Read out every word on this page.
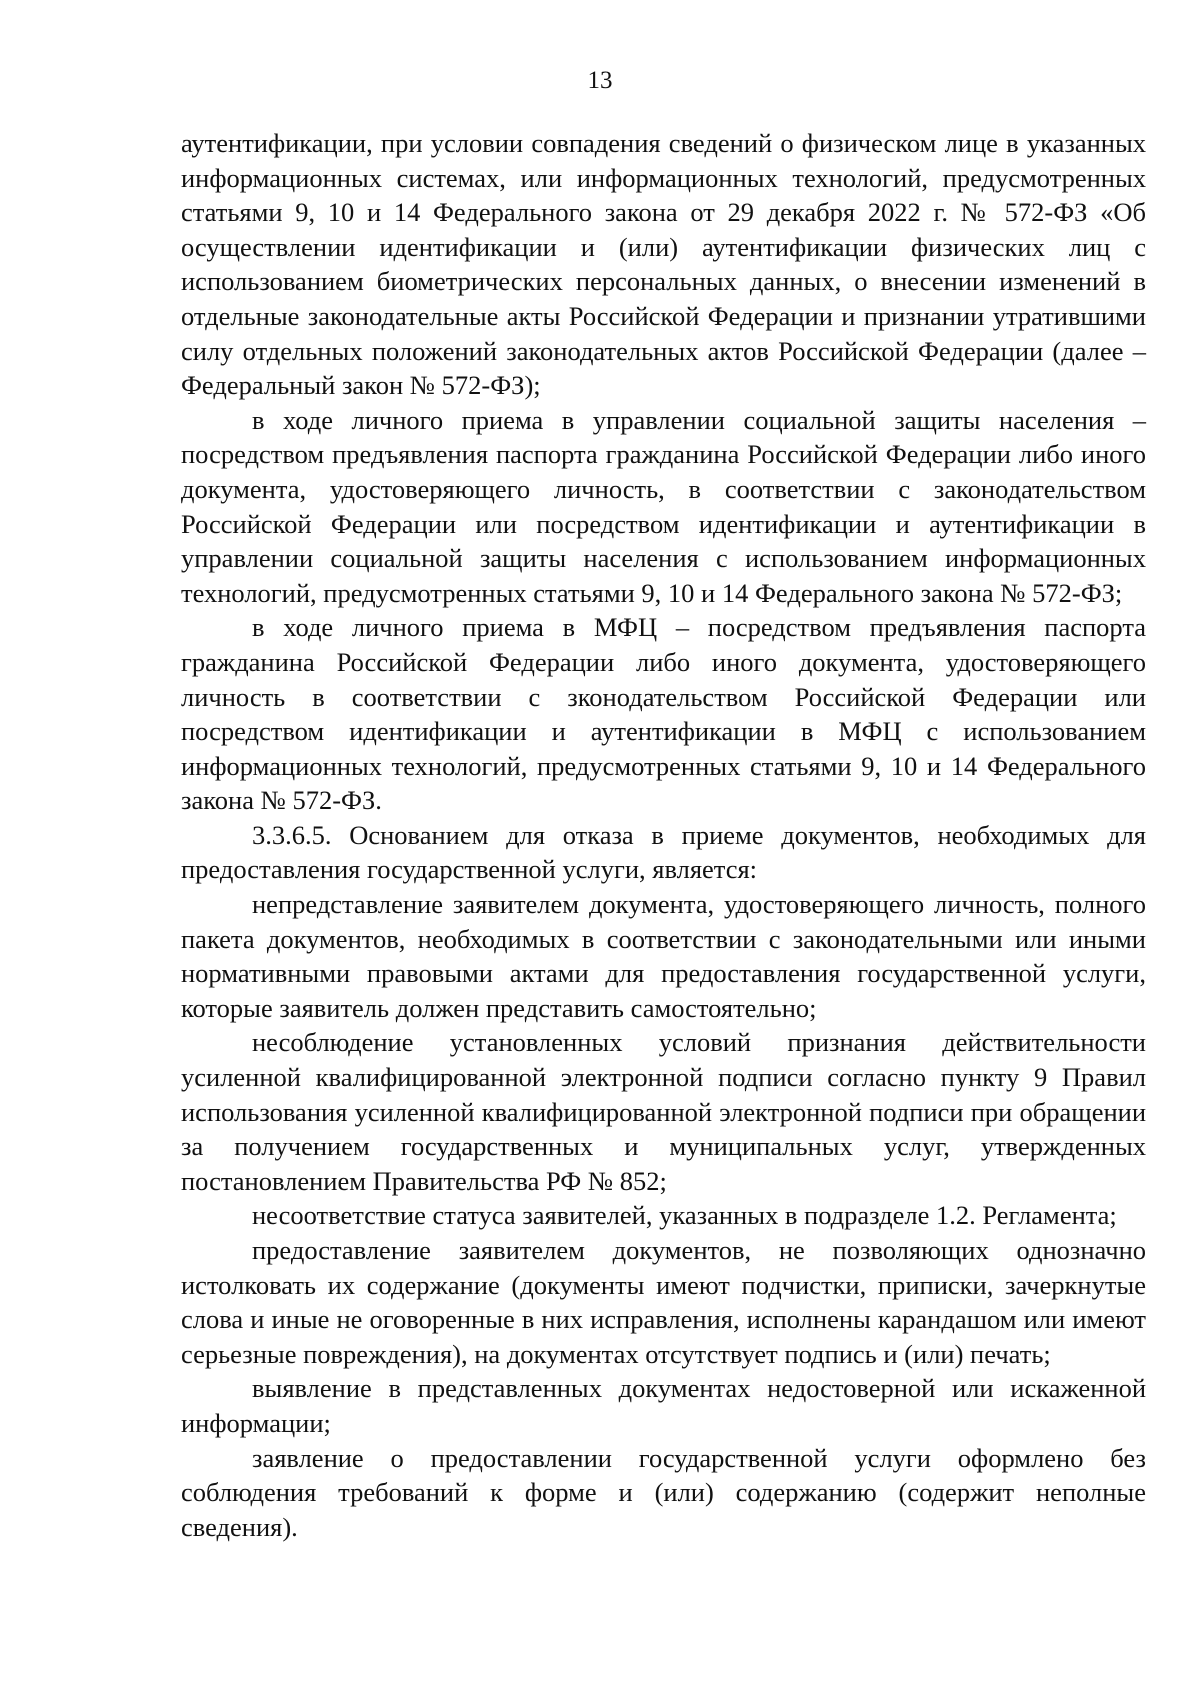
13

аутентификации, при условии совпадения сведений о физическом лице в указанных информационных системах, или информационных технологий, предусмотренных статьями 9, 10 и 14 Федерального закона от 29 декабря 2022 г. № 572-ФЗ «Об осуществлении идентификации и (или) аутентификации физических лиц с использованием биометрических персональных данных, о внесении изменений в отдельные законодательные акты Российской Федерации и признании утратившими силу отдельных положений законодательных актов Российской Федерации (далее – Федеральный закон № 572-ФЗ);

в ходе личного приема в управлении социальной защиты населения – посредством предъявления паспорта гражданина Российской Федерации либо иного документа, удостоверяющего личность, в соответствии с законодательством Российской Федерации или посредством идентификации и аутентификации в управлении социальной защиты населения с использованием информационных технологий, предусмотренных статьями 9, 10 и 14 Федерального закона № 572-ФЗ;

в ходе личного приема в МФЦ – посредством предъявления паспорта гражданина Российской Федерации либо иного документа, удостоверяющего личность в соответствии с зконодательством Российской Федерации или посредством идентификации и аутентификации в МФЦ с использованием информационных технологий, предусмотренных статьями 9, 10 и 14 Федерального закона № 572-ФЗ.

3.3.6.5. Основанием для отказа в приеме документов, необходимых для предоставления государственной услуги, является:

непредставление заявителем документа, удостоверяющего личность, полного пакета документов, необходимых в соответствии с законодательными или иными нормативными правовыми актами для предоставления государственной услуги, которые заявитель должен представить самостоятельно;

несоблюдение установленных условий признания действительности усиленной квалифицированной электронной подписи согласно пункту 9 Правил использования усиленной квалифицированной электронной подписи при обращении за получением государственных и муниципальных услуг, утвержденных постановлением Правительства РФ № 852;

несоответствие статуса заявителей, указанных в подразделе 1.2. Регламента;

предоставление заявителем документов, не позволяющих однозначно истолковать их содержание (документы имеют подчистки, приписки, зачеркнутые слова и иные не оговоренные в них исправления, исполнены карандашом или имеют серьезные повреждения), на документах отсутствует подпись и (или) печать;

выявление в представленных документах недостоверной или искаженной информации;

заявление о предоставлении государственной услуги оформлено без соблюдения требований к форме и (или) содержанию (содержит неполные сведения).
